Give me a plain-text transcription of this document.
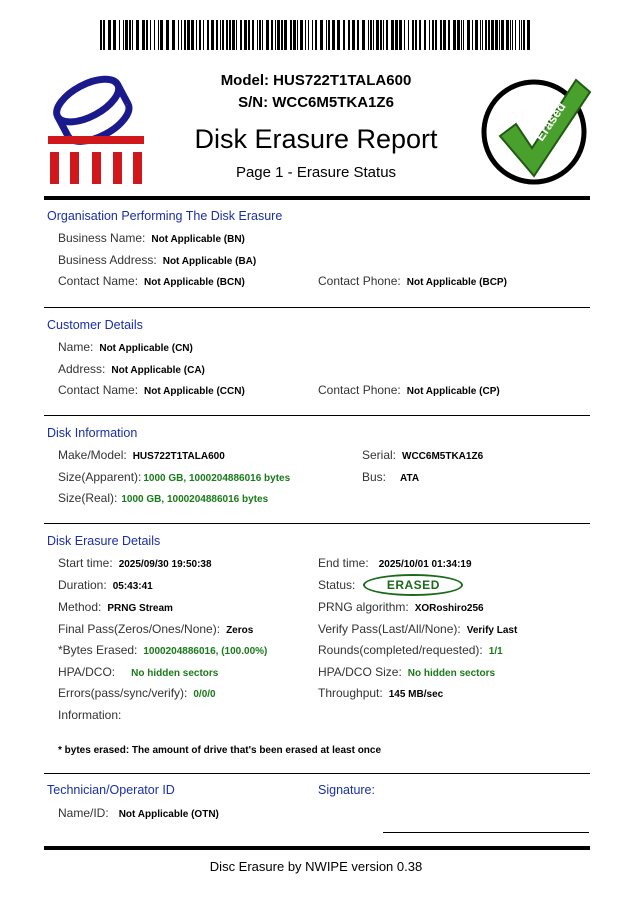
Model: HUS722T1TALA600
S/N: WCC6M5TKA1Z6
Disk Erasure Report
Page 1 - Erasure Status
Erased
Organisation Performing The Disk Erasure
Business Name: Not Applicable (BN)
Business Address: Not Applicable (BA)
Contact Name: Not Applicable (BCN)	Contact Phone: Not Applicable (BCP)
Customer Details
Name: Not Applicable (CN)
Address: Not Applicable (CA)
Contact Name: Not Applicable (CCN)	Contact Phone: Not Applicable (CP)
Disk Information
Make/Model: HUS722T1TALA600	Serial: WCC6M5TKA1Z6
Size(Apparent): 1000 GB, 1000204886016 bytes	Bus: ATA
Size(Real): 1000 GB, 1000204886016 bytes
Disk Erasure Details
Start time: 2025/09/30 19:50:38	End time: 2025/10/01 01:34:19
Duration: 05:43:41	Status:	ERASED
Method: PRNG Stream	PRNG algorithm: XORoshiro256
Final Pass(Zeros/Ones/None): Zeros	Verify Pass(Last/All/None): Verify Last
*Bytes Erased: 1000204886016, (100.00%)	Rounds(completed/requested): 1/1
HPA/DCO: No hidden sectors	HPA/DCO Size: No hidden sectors
Errors(pass/sync/verify): 0/0/0	Throughput: 145 MB/sec
Information:
* bytes erased: The amount of drive that's been erased at least once
Technician/Operator ID	Signature:
Name/ID: Not Applicable (OTN)
Disc Erasure by NWIPE version 0.38
